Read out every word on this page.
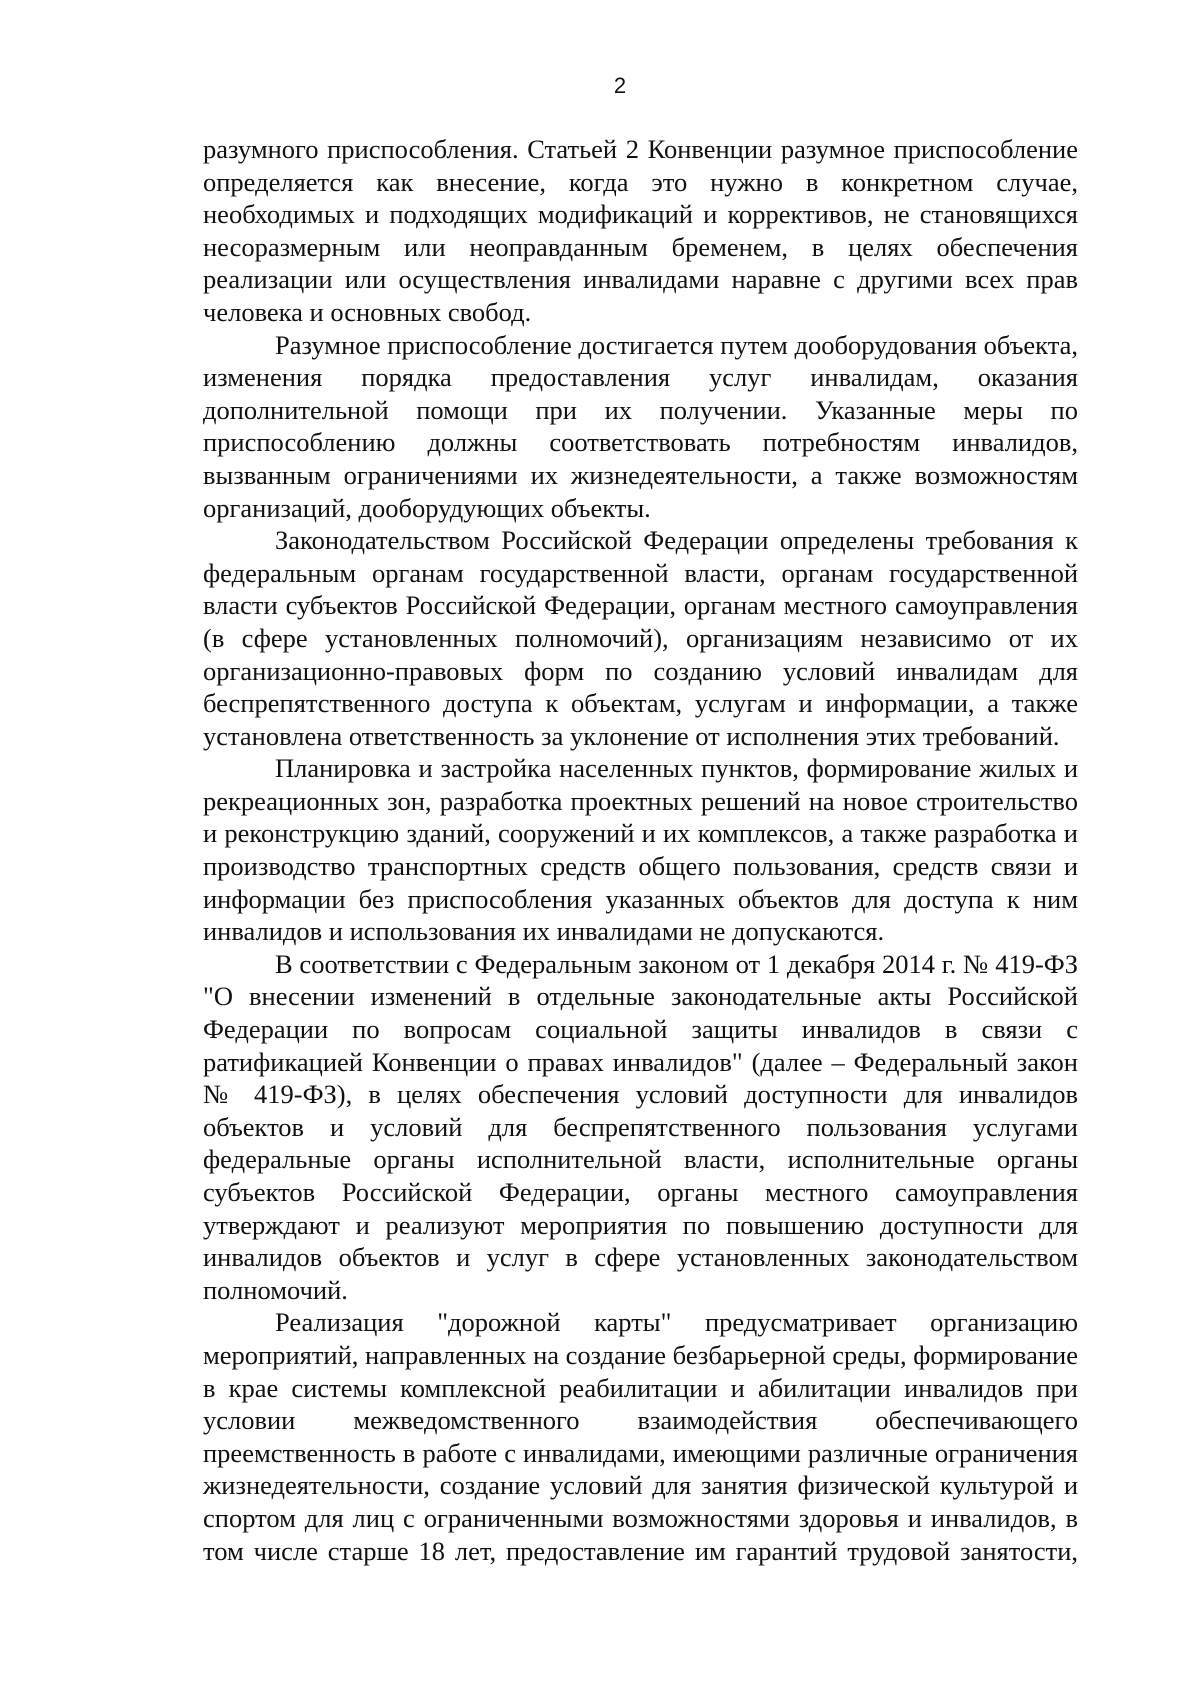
2

разумного приспособления. Статьей 2 Конвенции разумное приспособление определяется как внесение, когда это нужно в конкретном случае, необходимых и подходящих модификаций и коррективов, не становящихся несоразмерным или неоправданным бременем, в целях обеспечения реализации или осуществления инвалидами наравне с другими всех прав человека и основных свобод.

Разумное приспособление достигается путем дооборудования объекта, изменения порядка предоставления услуг инвалидам, оказания дополнительной помощи при их получении. Указанные меры по приспособлению должны соответствовать потребностям инвалидов, вызванным ограничениями их жизнедеятельности, а также возможностям организаций, дооборудующих объекты.

Законодательством Российской Федерации определены требования к федеральным органам государственной власти, органам государственной власти субъектов Российской Федерации, органам местного самоуправления (в сфере установленных полномочий), организациям независимо от их организационно-правовых форм по созданию условий инвалидам для беспрепятственного доступа к объектам, услугам и информации, а также установлена ответственность за уклонение от исполнения этих требований.

Планировка и застройка населенных пунктов, формирование жилых и рекреационных зон, разработка проектных решений на новое строительство и реконструкцию зданий, сооружений и их комплексов, а также разработка и производство транспортных средств общего пользования, средств связи и информации без приспособления указанных объектов для доступа к ним инвалидов и использования их инвалидами не допускаются.

В соответствии с Федеральным законом от 1 декабря 2014 г. № 419-ФЗ "О внесении изменений в отдельные законодательные акты Российской Федерации по вопросам социальной защиты инвалидов в связи с ратификацией Конвенции о правах инвалидов" (далее – Федеральный закон № 419-ФЗ), в целях обеспечения условий доступности для инвалидов объектов и условий для беспрепятственного пользования услугами федеральные органы исполнительной власти, исполнительные органы субъектов Российской Федерации, органы местного самоуправления утверждают и реализуют мероприятия по повышению доступности для инвалидов объектов и услуг в сфере установленных законодательством полномочий.

Реализация "дорожной карты" предусматривает организацию мероприятий, направленных на создание безбарьерной среды, формирование в крае системы комплексной реабилитации и абилитации инвалидов при условии межведомственного взаимодействия обеспечивающего преемственность в работе с инвалидами, имеющими различные ограничения жизнедеятельности, создание условий для занятия физической культурой и спортом для лиц с ограниченными возможностями здоровья и инвалидов, в том числе старше 18 лет, предоставление им гарантий трудовой занятости,
